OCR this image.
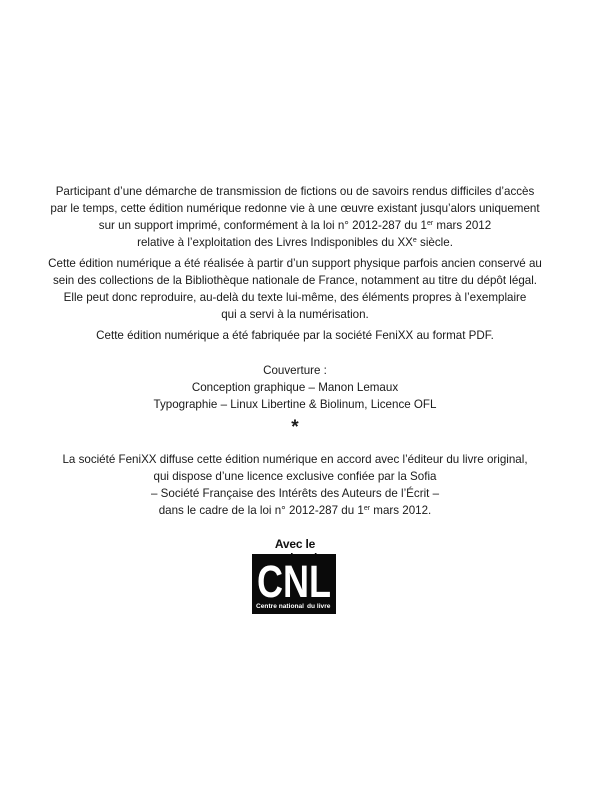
Participant d’une démarche de transmission de fictions ou de savoirs rendus difficiles d’accès

par le temps, cette édition numérique redonne vie à une œuvre existant jusqu’alors uniquement

sur un support imprimé, conformément à la loi n° 2012-287 du 1er mars 2012

relative à l’exploitation des Livres Indisponibles du XXe siècle.

Cette édition numérique a été réalisée à partir d’un support physique parfois ancien conservé au

sein des collections de la Bibliothèque nationale de France, notamment au titre du dépôt légal.

Elle peut donc reproduire, au-delà du texte lui-même, des éléments propres à l’exemplaire

qui a servi à la numérisation.

Cette édition numérique a été fabriquée par la société FeniXX au format PDF.

Couverture :

Conception graphique – Manon Lemaux

Typographie – Linux Libertine & Biolinum, Licence OFL

*

La société FeniXX diffuse cette édition numérique en accord avec l’éditeur du livre original,

qui dispose d’une licence exclusive confiée par la Sofia

– Société Française des Intérêts des Auteurs de l’Écrit –

dans le cadre de la loi n° 2012-287 du 1er mars 2012.

Avec le
CNL
Centre national du livre
